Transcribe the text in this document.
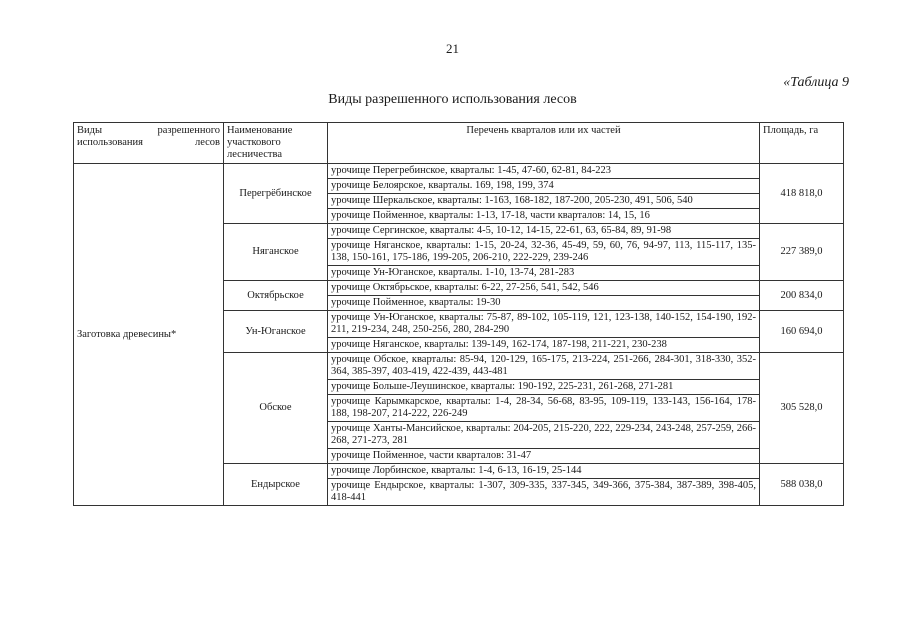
21
«Таблица 9
Виды разрешенного использования лесов
Виды разрешенного использования лесов	Наименование участкового лесничества	Перечень кварталов или их частей	Площадь, га
Заготовка древесины*	Перегрёбинское	урочище Перегребинское, кварталы: 1-45, 47-60, 62-81, 84-223	418 818,0
		урочище Белоярское, кварталы. 169, 198, 199, 374	
		урочище Шеркальское, кварталы: 1-163, 168-182, 187-200, 205-230, 491, 506, 540	
		урочище Пойменное, кварталы: 1-13, 17-18, части кварталов: 14, 15, 16	
	Няганское	урочище Сергинское, кварталы: 4-5, 10-12, 14-15, 22-61, 63, 65-84, 89, 91-98	227 389,0
		урочище Няганское, кварталы: 1-15, 20-24, 32-36, 45-49, 59, 60, 76, 94-97, 113, 115-117, 135-138, 150-161, 175-186, 199-205, 206-210, 222-229, 239-246	
		урочище Ун-Юганское, кварталы. 1-10, 13-74, 281-283	
	Октябрьское	урочище Октябрьское, кварталы: 6-22, 27-256, 541, 542, 546	200 834,0
		урочище Пойменное, кварталы: 19-30	
	Ун-Юганское	урочище Ун-Юганское, кварталы: 75-87, 89-102, 105-119, 121, 123-138, 140-152, 154-190, 192-211, 219-234, 248, 250-256, 280, 284-290	160 694,0
		урочище Няганское, кварталы: 139-149, 162-174, 187-198, 211-221, 230-238	
	Обское	урочище Обское, кварталы: 85-94, 120-129, 165-175, 213-224, 251-266, 284-301, 318-330, 352-364, 385-397, 403-419, 422-439, 443-481	305 528,0
		урочище Больше-Леушинское, кварталы: 190-192, 225-231, 261-268, 271-281	
		урочище Карымкарское, кварталы: 1-4, 28-34, 56-68, 83-95, 109-119, 133-143, 156-164, 178-188, 198-207, 214-222, 226-249	
		урочище Ханты-Мансийское, кварталы: 204-205, 215-220, 222, 229-234, 243-248, 257-259, 266-268, 271-273, 281	
		урочище Пойменное, части кварталов: 31-47	
	Ендырское	урочище Лорбинское, кварталы: 1-4, 6-13, 16-19, 25-144	588 038,0
		урочище Ендырское, кварталы: 1-307, 309-335, 337-345, 349-366, 375-384, 387-389, 398-405, 418-441	
